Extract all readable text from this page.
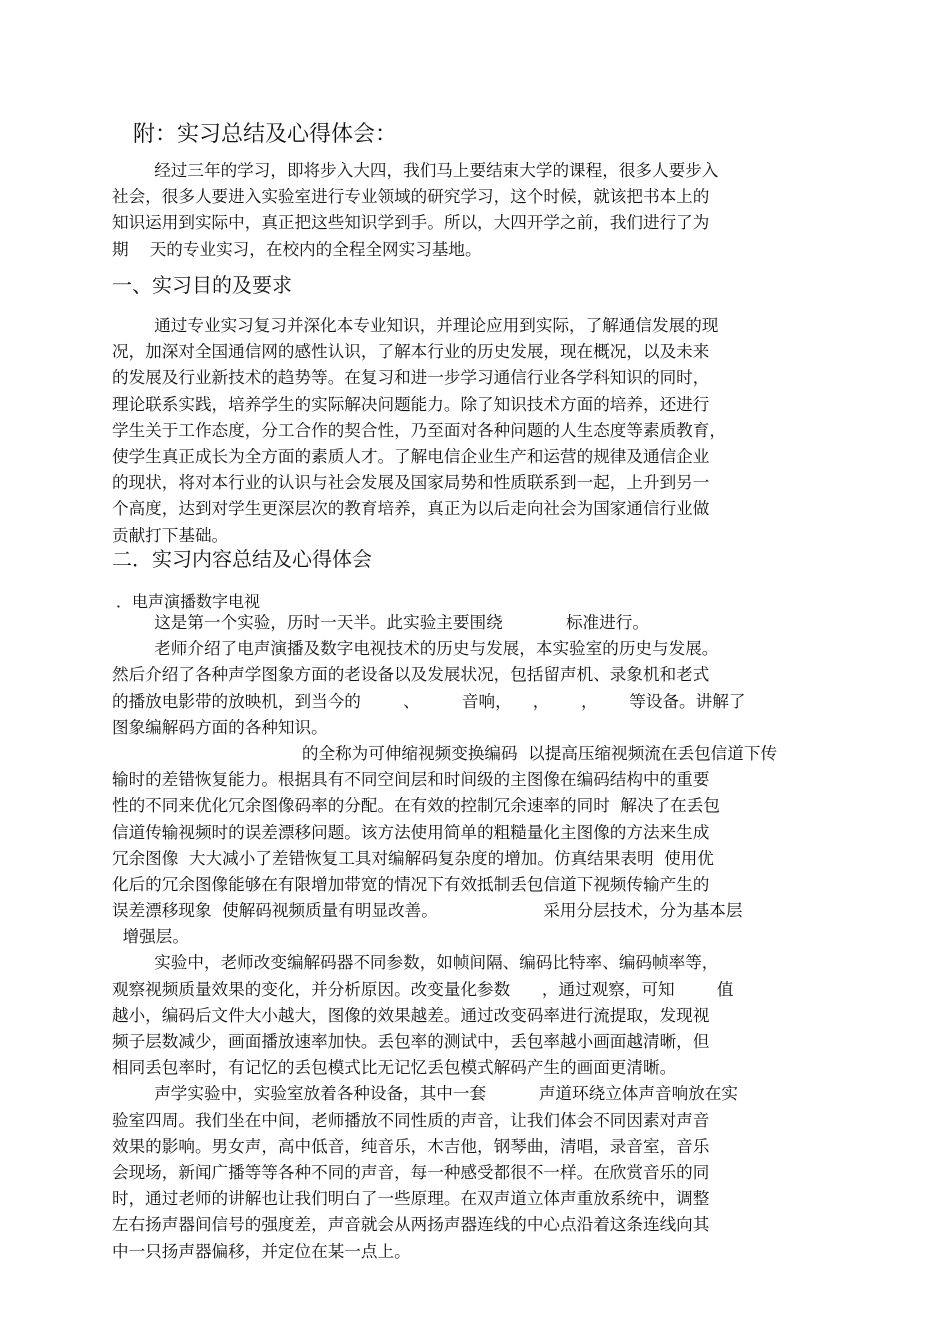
附：实习总结及心得体会：
经过三年的学习，即将步入大四，我们马上要结束大学的课程，很多人要步入
社会，很多人要进入实验室进行专业领域的研究学习，这个时候，就该把书本上的
知识运用到实际中，真正把这些知识学到手。所以，大四开学之前，我们进行了为
期    天的专业实习，在校内的全程全网实习基地。
一、实习目的及要求
通过专业实习复习并深化本专业知识，并理论应用到实际，了解通信发展的现
况，加深对全国通信网的感性认识，了解本行业的历史发展，现在概况，以及未来
的发展及行业新技术的趋势等。在复习和进一步学习通信行业各学科知识的同时，
理论联系实践，培养学生的实际解决问题能力。除了知识技术方面的培养，还进行
学生关于工作态度，分工合作的契合性，乃至面对各种问题的人生态度等素质教育，
使学生真正成长为全方面的素质人才。了解电信企业生产和运营的规律及通信企业
的现状，将对本行业的认识与社会发展及国家局势和性质联系到一起，上升到另一
个高度，达到对学生更深层次的教育培养，真正为以后走向社会为国家通信行业做
贡献打下基础。
二．实习内容总结及心得体会
．电声演播数字电视
这是第一个实验，历时一天半。此实验主要围绕            标准进行。
老师介绍了电声演播及数字电视技术的历史与发展，本实验室的历史与发展。
然后介绍了各种声学图象方面的老设备以及发展状况，包括留声机、录象机和老式
的播放电影带的放映机，到当今的        、        音响，    ，      ，      等设备。讲解了
图象编解码方面的各种知识。
的全称为可伸缩视频变换编码  以提高压缩视频流在丢包信道下传
输时的差错恢复能力。根据具有不同空间层和时间级的主图像在编码结构中的重要
性的不同来优化冗余图像码率的分配。在有效的控制冗余速率的同时  解决了在丢包
信道传输视频时的误差漂移问题。该方法使用简单的粗糙量化主图像的方法来生成
冗余图像  大大减小了差错恢复工具对编解码复杂度的增加。仿真结果表明  使用优
化后的冗余图像能够在有限增加带宽的情况下有效抵制丢包信道下视频传输产生的
误差漂移现象  使解码视频质量有明显改善。                    采用分层技术，分为基本层
增强层。
实验中，老师改变编解码器不同参数，如帧间隔、编码比特率、编码帧率等，
观察视频质量效果的变化，并分析原因。改变量化参数      ，通过观察，可知        值
越小，编码后文件大小越大，图像的效果越差。通过改变码率进行流提取，发现视
频子层数减少，画面播放速率加快。丢包率的测试中，丢包率越小画面越清晰，但
相同丢包率时，有记忆的丢包模式比无记忆丢包模式解码产生的画面更清晰。
声学实验中，实验室放着各种设备，其中一套          声道环绕立体声音响放在实
验室四周。我们坐在中间，老师播放不同性质的声音，让我们体会不同因素对声音
效果的影响。男女声，高中低音，纯音乐，木吉他，钢琴曲，清唱，录音室，音乐
会现场，新闻广播等等各种不同的声音，每一种感受都很不一样。在欣赏音乐的同
时，通过老师的讲解也让我们明白了一些原理。在双声道立体声重放系统中，调整
左右扬声器间信号的强度差，声音就会从两扬声器连线的中心点沿着这条连线向其
中一只扬声器偏移，并定位在某一点上。
